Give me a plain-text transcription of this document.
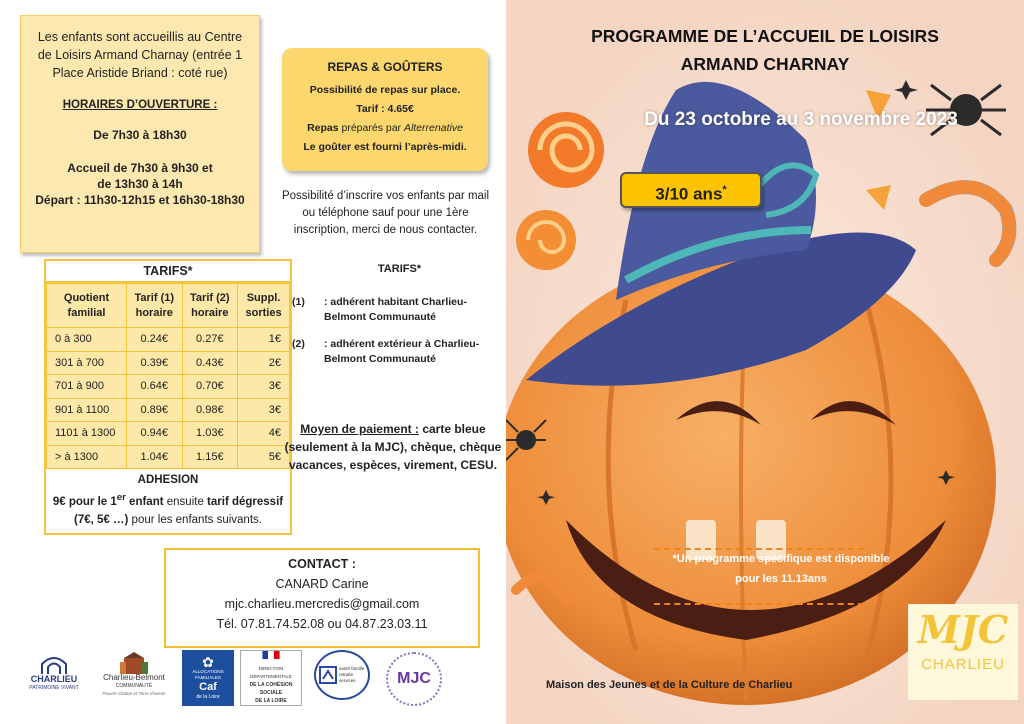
Les enfants sont accueillis au Centre de Loisirs Armand Charnay (entrée 1 Place Aristide Briand : coté rue)
HORAIRES D’OUVERTURE :
De 7h30 à 18h30
Accueil de 7h30 à 9h30 et
de 13h30 à 14h
Départ : 11h30-12h15 et 16h30-18h30
REPAS & GOÛTERS
Possibilité de repas sur place.
Tarif : 4.65€
Repas préparés par Alterrenative
Le goûter est fourni l’après-midi.
Possibilité d’inscrire vos enfants par mail ou téléphone sauf pour une 1ère inscription, merci de nous contacter.
TARIFS*
Quotient familial	Tarif (1) horaire	Tarif (2) horaire	Suppl. sorties
0 à 300	0.24€	0.27€	1€
301 à 700	0.39€	0.43€	2€
701 à 900	0.64€	0.70€	3€
901 à 1100	0.89€	0.98€	3€
1101 à 1300	0.94€	1.03€	4€
> à 1300	1.04€	1.15€	5€
ADHESION
9€ pour le 1er enfant ensuite tarif dégressif
(7€, 5€ …) pour les enfants suivants.
TARIFS*
(1)	: adhérent habitant Charlieu-Belmont Communauté
(2)	: adhérent extérieur à Charlieu-Belmont Communauté
Moyen de paiement : carte bleue (seulement à la MJC), chèque, chèque vacances, espèces, virement, CESU.
CONTACT :
CANARD Carine
mjc.charlieu.mercredis@gmail.com
Tél. 07.81.74.52.08 ou 04.87.23.03.11
CHARLIEU
PATRIMOINE VIVANT
Charlieu-Belmont
COMMUNAUTÉ
Pauvre Chalon et Terre d'avenir
✿
ALLOCATIONS FAMILIALES
Caf
de la Loire
DIRECTION DÉPARTEMENTALE
DE LA COHÉSION SOCIALE
DE LA LOIRE
santé famille retraite services	MJC
PROGRAMME DE L’ACCUEIL DE LOISIRS
ARMAND CHARNAY
Du 23 octobre au 3 novembre 2023
3/10 ans*
*Un programme spécifique est disponible
pour les 11.13ans
Maison des Jeunes et de la Culture de Charlieu
MJC
CHARLIEU
